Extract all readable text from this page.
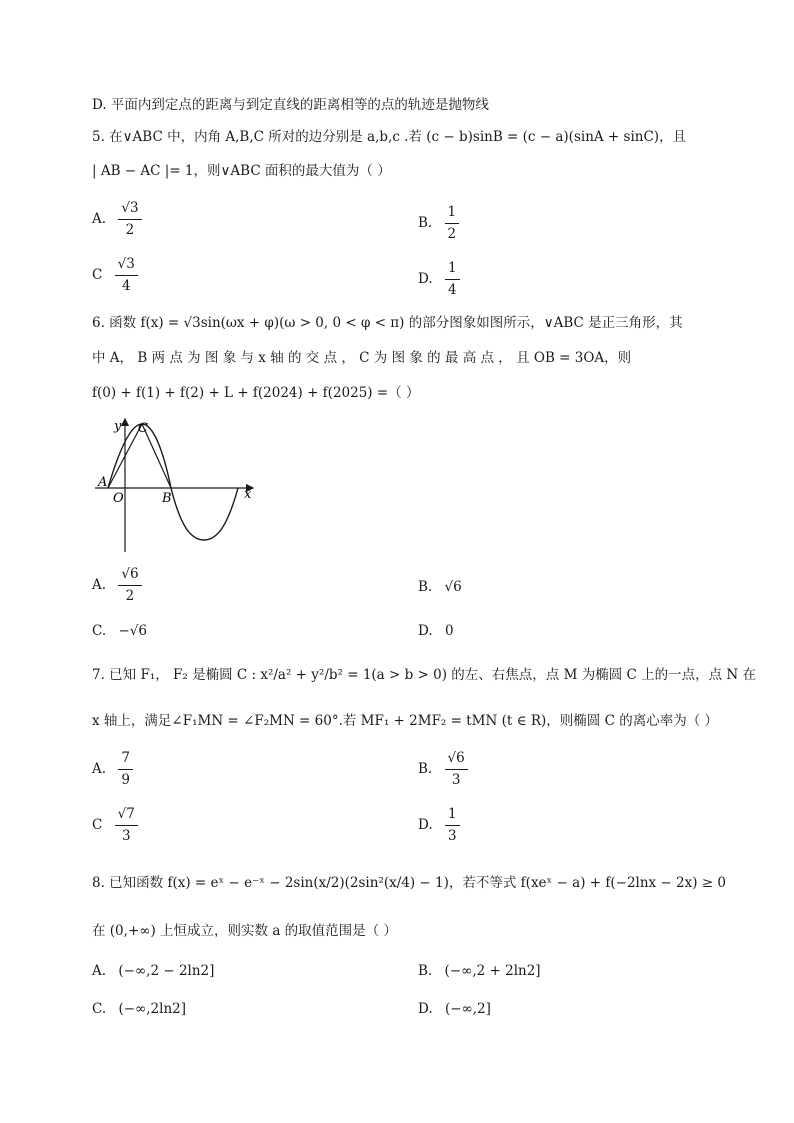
D. 平面内到定点的距离与到定直线的距离相等的点的轨迹是抛物线
5. 在∨ABC 中，内角 A,B,C 所对的边分别是 a,b,c .若 (c − b)sinB = (c − a)(sinA + sinC)，且
| AB − AC |= 1，则∨ABC 面积的最大值为（ ）
A. $\frac{√3}{2}$	B. $\frac{1}{2}$
C $\frac{√3}{4}$	D. $\frac{1}{4}$
6. 函数 f(x) = √3sin(ωx + φ)(ω > 0, 0 < φ < π) 的部分图象如图所示，∨ABC 是正三角形，其
中 A， B 两 点 为 图 象 与 x 轴 的 交 点 ， C 为 图 象 的 最 高 点 ， 且 OB = 3OA，则
f(0) + f(1) + f(2) + L + f(2024) + f(2025) =（ ）
y
x
C
A
O	B
A. $\frac{√6}{2}$	B. √6
C. −√6	D. 0
7. 已知 F₁， F₂ 是椭圆 C : x²/a² + y²/b² = 1(a > b > 0) 的左、右焦点，点 M 为椭圆 C 上的一点，点 N 在
x 轴上，满足∠F₁MN = ∠F₂MN = 60°.若 MF₁ + 2MF₂ = tMN (t ∈ R)，则椭圆 C 的离心率为（ ）
A. $\frac{7}{9}$	B. $\frac{√6}{3}$
C $\frac{√7}{3}$	D. $\frac{1}{3}$
8. 已知函数 f(x) = eˣ − e⁻ˣ − 2sin(x/2)(2sin²(x/4) − 1)，若不等式 f(xeˣ − a) + f(−2lnx − 2x) ≥ 0
在 (0,+∞) 上恒成立，则实数 a 的取值范围是（ ）
A. (−∞,2 − 2ln2]	B. (−∞,2 + 2ln2]
C. (−∞,2ln2]	D. (−∞,2]
